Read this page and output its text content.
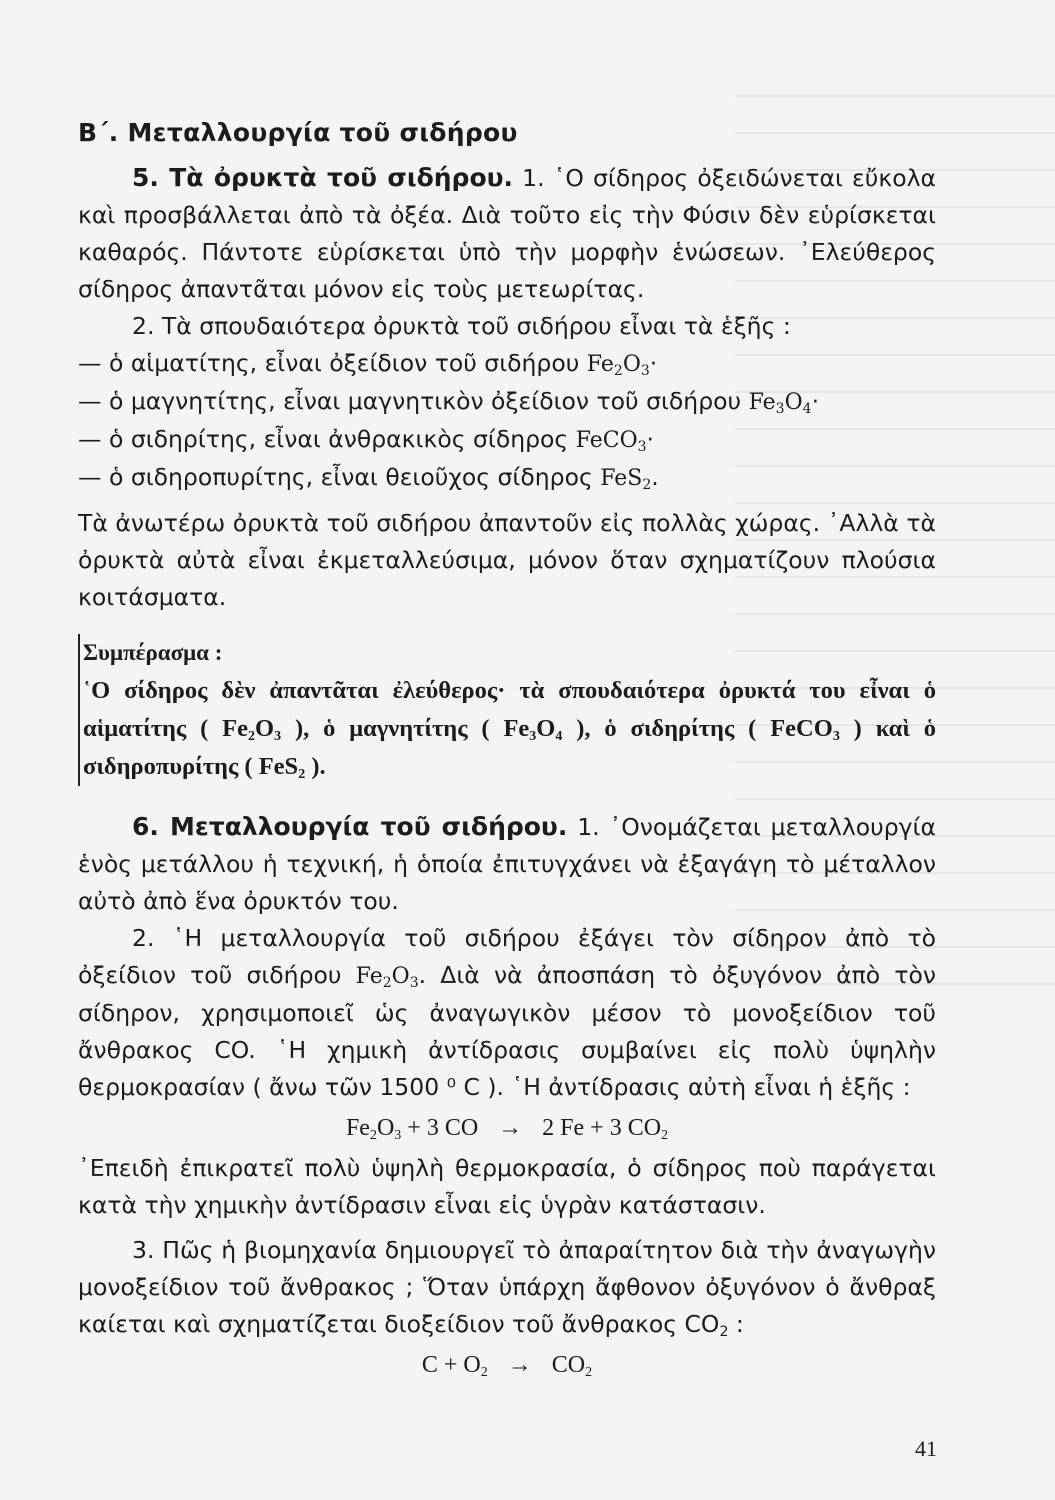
Β΄. Μεταλλουργία τοῦ σιδήρου

5. Τὰ ὀρυκτὰ τοῦ σιδήρου. 1. ῾Ο σίδηρος ὀξειδώνεται εὔκολα καὶ προσβάλλεται ἀπὸ τὰ ὀξέα. Διὰ τοῦτο εἰς τὴν Φύσιν δὲν εὑρίσκεται καθαρός. Πάντοτε εὑρίσκεται ὑπὸ τὴν μορφὴν ἑνώσεων. ᾿Ελεύθερος σίδηρος ἀπαντᾶται μόνον εἰς τοὺς μετεωρίτας.

2. Τὰ σπουδαιότερα ὀρυκτὰ τοῦ σιδήρου εἶναι τὰ ἑξῆς :

— ὁ αἱματίτης, εἶναι ὀξείδιον τοῦ σιδήρου $Fe_2O_3\cdot$
— ὁ μαγνητίτης, εἶναι μαγνητικὸν ὀξείδιον τοῦ σιδήρου $Fe_3O_4\cdot$
— ὁ σιδηρίτης, εἶναι ἀνθρακικὸς σίδηρος FeCO$_3$·
— ὁ σιδηροπυρίτης, εἶναι θειοῦχος σίδηρος FeS$_2$.

Τὰ ἀνωτέρω ὀρυκτὰ τοῦ σιδήρου ἀπαντοῦν εἰς πολλὰς χώρας. ᾿Αλλὰ τὰ ὀρυκτὰ αὐτὰ εἶναι ἐκμεταλλεύσιμα, μόνον ὅταν σχηματίζουν πλούσια κοιτάσματα.

Συμπέρασμα :
῾Ο σίδηρος δὲν ἀπαντᾶται ἐλεύθερος· τὰ σπουδαιότερα ὀρυκτά του εἶναι ὁ αἱματίτης ( $Fe_2O_3$ ), ὁ μαγνητίτης ( $Fe_3O_4$ ), ὁ σιδηρίτης ( FeCO$_3$ ) καὶ ὁ σιδηροπυρίτης ( FeS$_2$ ).

6. Μεταλλουργία τοῦ σιδήρου. 1. ᾿Ονομάζεται μεταλλουργία ἑνὸς μετάλλου ἡ τεχνική, ἡ ὁποία ἐπιτυγχάνει νὰ ἐξαγάγη τὸ μέταλλον αὐτὸ ἀπὸ ἕνα ὀρυκτόν του.

2. ῾Η μεταλλουργία τοῦ σιδήρου ἐξάγει τὸν σίδηρον ἀπὸ τὸ ὀξείδιον τοῦ σιδήρου $Fe_2O_3$. Διὰ νὰ ἀποσπάση τὸ ὀξυγόνον ἀπὸ τὸν σίδηρον, χρησιμοποιεῖ ὡς ἀναγωγικὸν μέσον τὸ μονοξείδιον τοῦ ἄνθρακος CO. ῾Η χημικὴ ἀντίδρασις συμβαίνει εἰς πολὺ ὑψηλὴν θερμοκρασίαν ( ἄνω τῶν 1500 ⁰ C ). ῾Η ἀντίδρασις αὐτὴ εἶναι ἡ ἑξῆς :

$Fe_2O_3 + 3$ CO → 2 Fe + 3 $CO_2$

᾿Επειδὴ ἐπικρατεῖ πολὺ ὑψηλὴ θερμοκρασία, ὁ σίδηρος ποὺ παράγεται κατὰ τὴν χημικὴν ἀντίδρασιν εἶναι εἰς ὑγρὰν κατάστασιν.

3. Πῶς ἡ βιομηχανία δημιουργεῖ τὸ ἀπαραίτητον διὰ τὴν ἀναγωγὴν μονοξείδιον τοῦ ἄνθρακος ; Ὅταν ὑπάρχη ἄφθονον ὀξυγόνον ὁ ἄνθραξ καίεται καὶ σχηματίζεται διοξείδιον τοῦ ἄνθρακος $CO_2$ :

$C + O_2 \to CO_2$
41
